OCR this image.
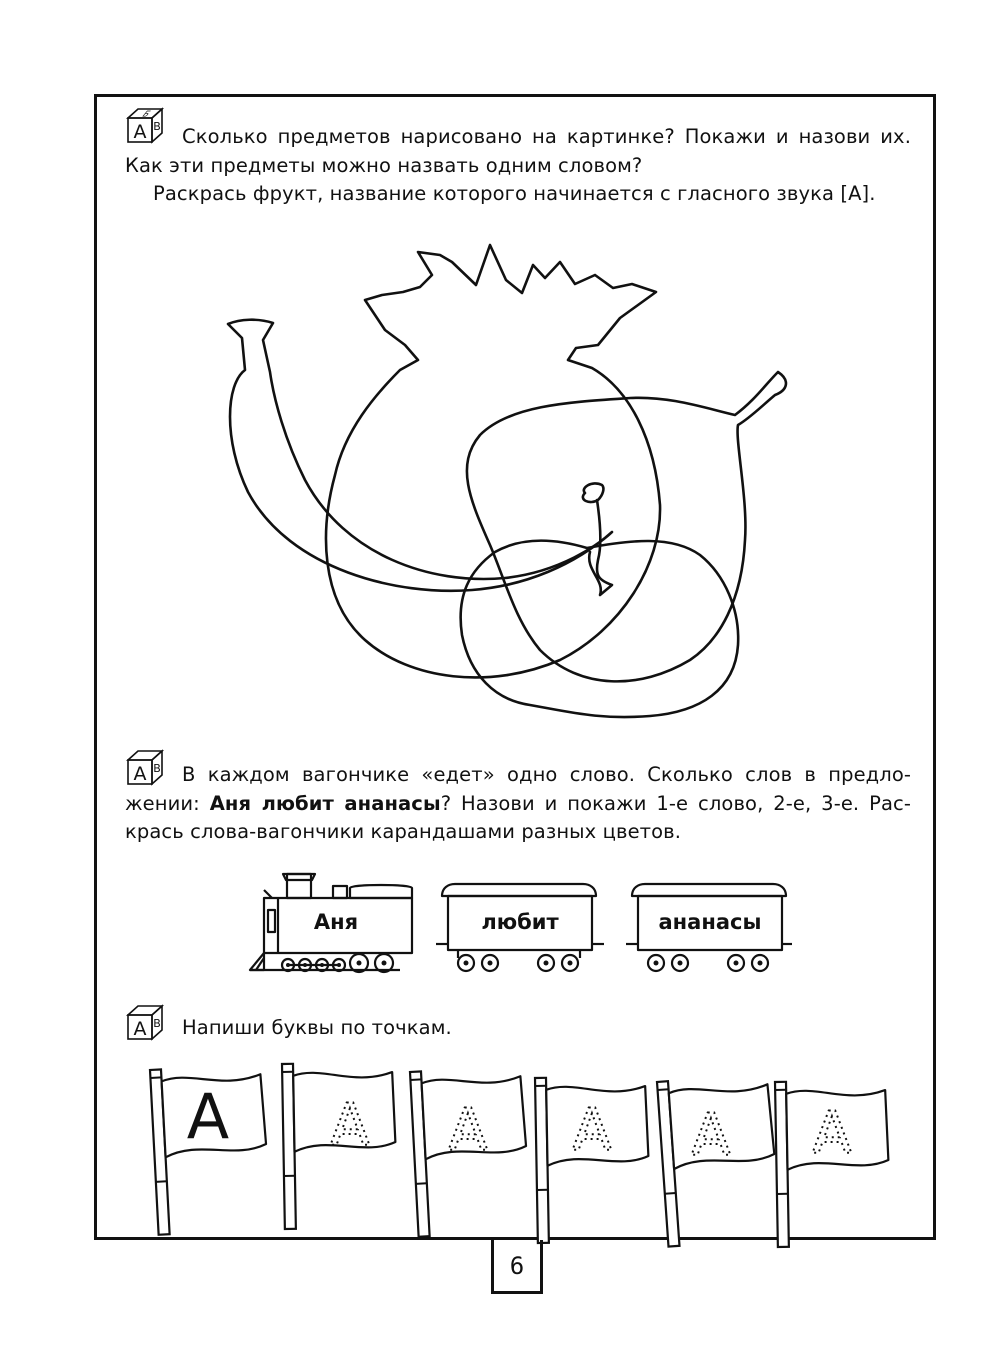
A
Б
В	Сколько предметов нарисовано на картинке? Покажи и назови их.

Как эти предметы можно назвать одним словом?

Раскрась фрукт, название которого начинается с гласного звука [А].

A В	В каждом вагончике «едет» одно слово. Сколько слов в предло-

жении: Аня любит ананасы? Назови и покажи 1-е слово, 2-е, 3-е. Рас-

крась слова-вагончики карандашами разных цветов.

Аня	любит	ананасы
A В Напиши буквы по точкам.

А А А А А А
6
